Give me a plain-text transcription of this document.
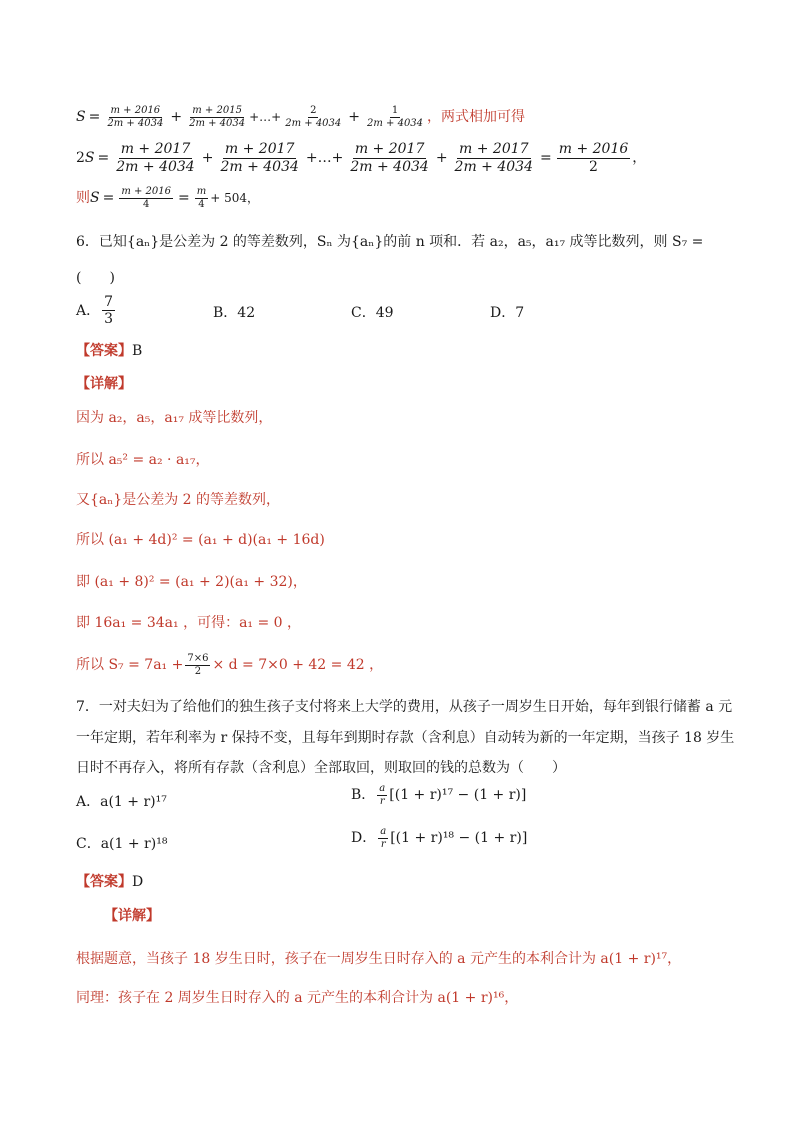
$S = \frac{m + 2016}{2m + 4034} + \frac{m + 2015}{2m + 4034}$ +…+ $\frac{2}{2m + 4034} + \frac{1}{2m + 4034}$ ，两式相加可得
2 $S = \frac{m + 2017}{2m + 4034} + \frac{m + 2017}{2m + 4034}$ +…+ $\frac{m + 2017}{2m + 4034} + \frac{m + 2017}{2m + 4034} = \frac{m + 2016}{2}$ ，
则 $S = \frac{m + 2016}{4} = \frac{m}{4} + 504$，
6．已知{aₙ}是公差为 2 的等差数列，Sₙ 为{aₙ}的前 n 项和．若 a₂，a₅，a₁₇ 成等比数列，则 S₇ =
(　　)
A． $\frac{7}{3}$	B．42	C．49	D．7
【答案】 B
【详解】
因为 a₂，a₅，a₁₇ 成等比数列，
所以 a₅² = a₂ · a₁₇，
又{aₙ}是公差为 2 的等差数列，
所以 (a₁ + 4d)² = (a₁ + d)(a₁ + 16d)
即 (a₁ + 8)² = (a₁ + 2)(a₁ + 32)，
即 16a₁ = 34a₁ ，可得：a₁ = 0 ，
所以 $S_7 = 7a_1 + \frac{7\times 6}{2} \times d = 7\times 0 + 42 = 42$ ，
7．一对夫妇为了给他们的独生孩子支付将来上大学的费用，从孩子一周岁生日开始，每年到银行储蓄 a 元
一年定期，若年利率为 r 保持不变，且每年到期时存款（含利息）自动转为新的一年定期，当孩子 18 岁生
日时不再存入，将所有存款（含利息）全部取回，则取回的钱的总数为（　　）
A．a(1 + r)¹⁷	B． $\frac{a}{r} [(1 + r)^{17} - (1 + r)]$
C．a(1 + r)¹⁸	D． $\frac{a}{r} [(1 + r)^{18} - (1 + r)]$
【答案】 D
【详解】
根据题意，当孩子 18 岁生日时，孩子在一周岁生日时存入的 a 元产生的本利合计为 a(1 + r)¹⁷，
同理：孩子在 2 周岁生日时存入的 a 元产生的本利合计为 a(1 + r)¹⁶，
